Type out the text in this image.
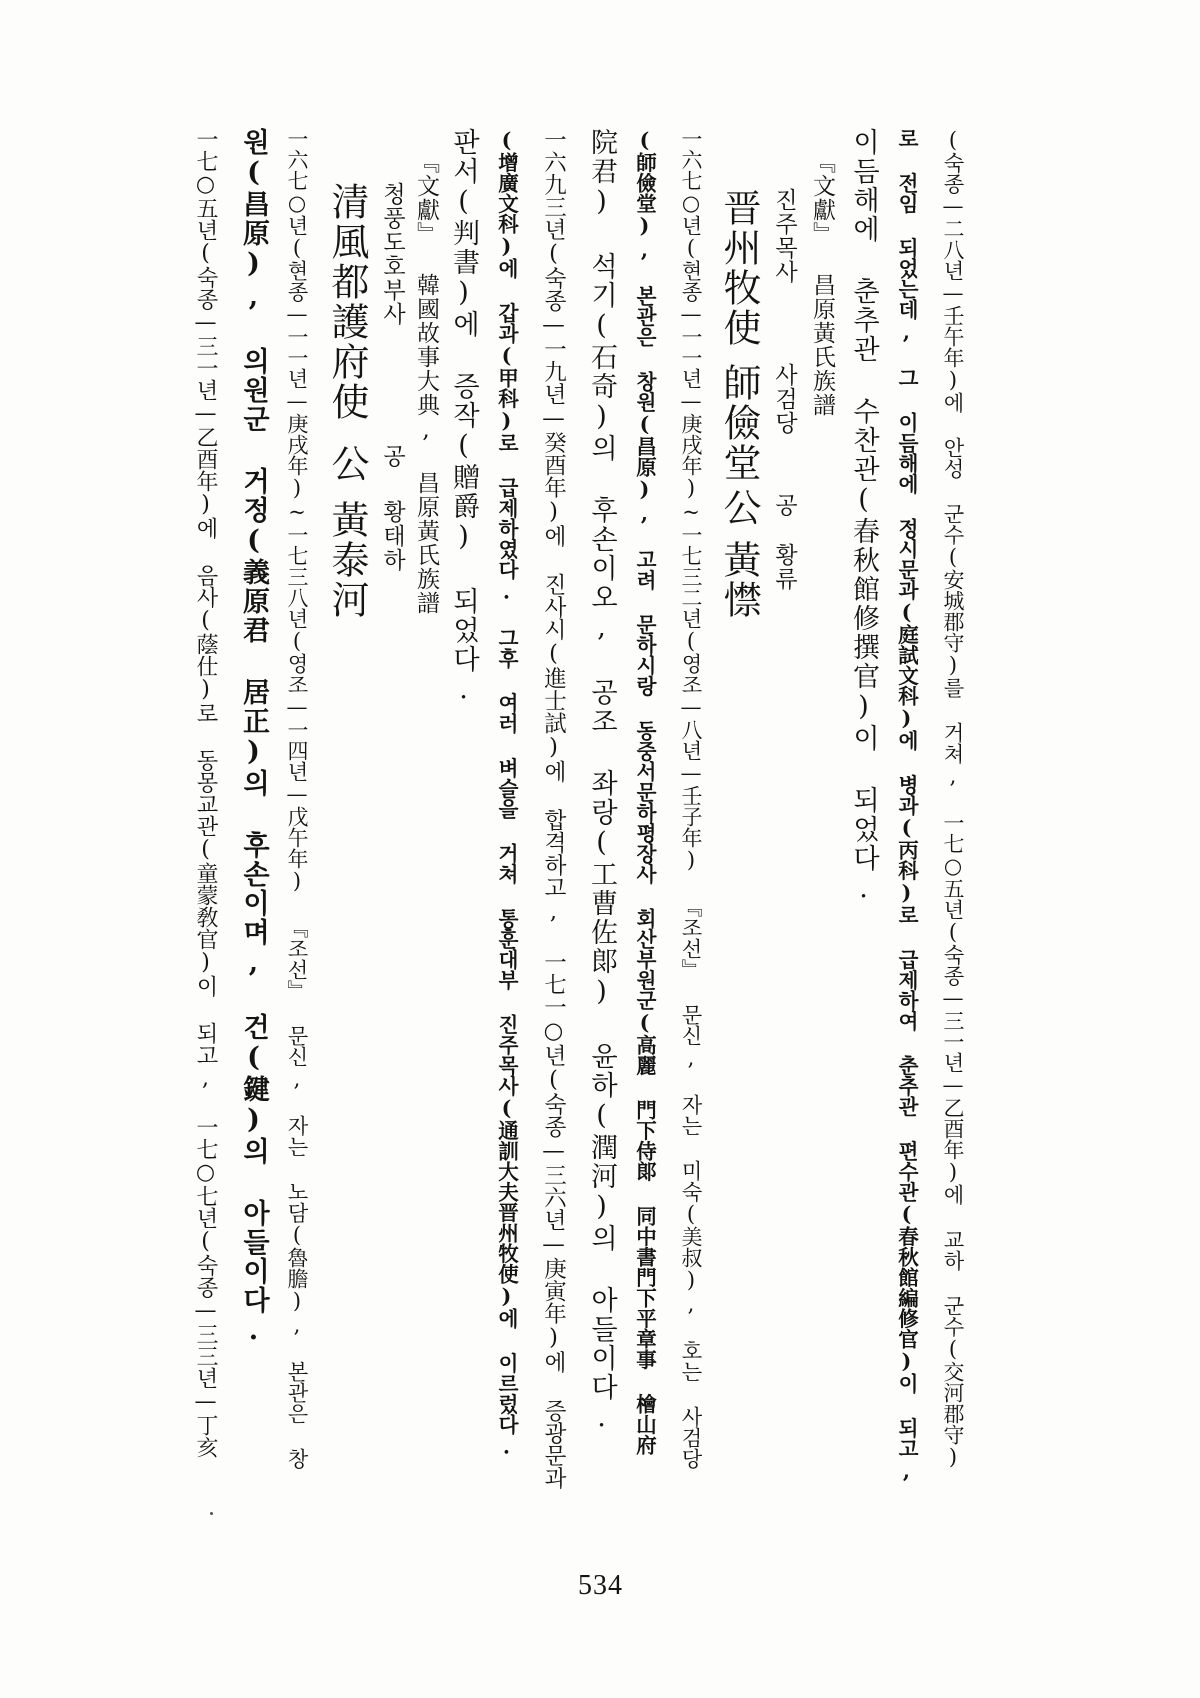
(숙종—二八년—壬午年)에 안성 군수(安城郡守)를 거쳐, 一七○五년(숙종—三一년—乙酉年)에 교하 군수(交河郡守)
로 전임 되었는데, 그 이듬해에 정시문과(庭試文科)에 병과(丙科)로 급제하여 춘추관 편수관(春秋館編修官)이 되고,
이듬해에 춘추관 수찬관(春秋館修撰官)이 되었다.
『文獻』 昌原黃氏族譜
진주목사
晋州牧使
사검당
師儉堂
공
公
황류
黃㦗
一六七○년(현종—一一년—庚戌年)~一七三二년(영조—八년—壬子年) 『조선』 문신, 자는 미숙(美叔), 호는 사검당
(師儉堂), 본관은 창원(昌原), 고려 문하시랑 동중서문하평장사 회산부원군(高麗 門下侍郞 同中書門下平章事 檜山府
院君) 석기(石奇)의 후손이오, 공조 좌랑(工曹佐郞) 윤하(潤河)의 아들이다.
一六九三년(숙종—一九년—癸酉年)에 진사시(進士試)에 합격하고, 一七一○년(숙종—三六년—庚寅年)에 증광문과
(增廣文科)에 갑과(甲科)로 급제하였다. 그후 여러 벼슬을 거쳐 통훈대부 진주목사(通訓大夫晋州牧使)에 이르렀다.
판서(判書)에 증작(贈爵) 되었다.
『文獻』 韓國故事大典, 昌原黃氏族譜
청풍도호부사
清風都護府使
공
公
황태하
黃泰河
一六七○년(현종—一一년—庚戌年)~一七三八년(영조—一四년—戊午年) 『조선』 문신, 자는 노담(魯膽), 본관은 창
원(昌原), 의원군 거정(義原君 居正)의 후손이며, 건(鍵)의 아들이다.
一七○五년(숙종—三一년—乙酉年)에 음사(蔭仕)로 동몽교관(童蒙敎官)이 되고, 一七○七년(숙종—三三년—丁亥
534
